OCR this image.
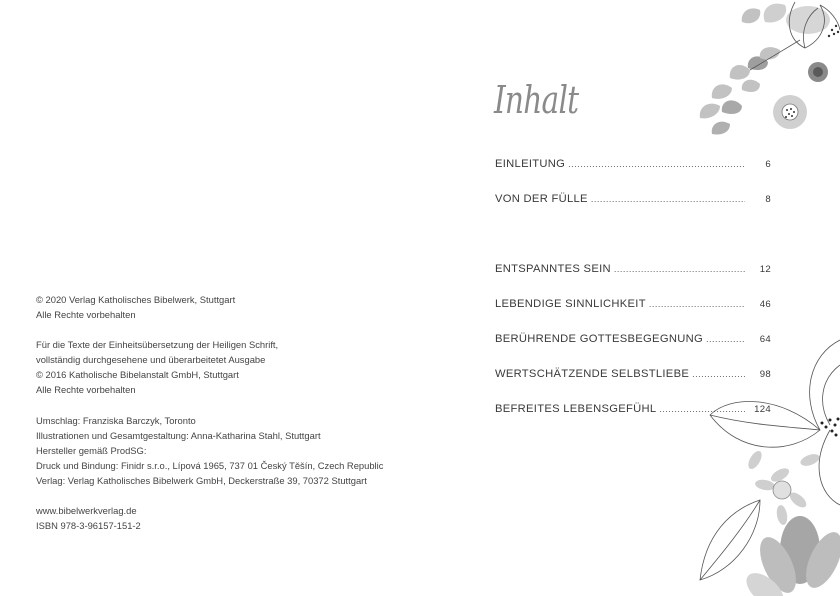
© 2020 Verlag Katholisches Bibelwerk, Stuttgart

Alle Rechte vorbehalten

Für die Texte der Einheitsübersetzung der Heiligen Schrift,

vollständig durchgesehene und überarbeitetet Ausgabe

© 2016 Katholische Bibelanstalt GmbH, Stuttgart

Alle Rechte vorbehalten

Umschlag: Franziska Barczyk, Toronto

Illustrationen und Gesamtgestaltung: Anna-Katharina Stahl, Stuttgart

Hersteller gemäß ProdSG:

Druck und Bindung: Finidr s.r.o., Lípová 1965, 737 01 Český Těšín, Czech Republic

Verlag: Verlag Katholisches Bibelwerk GmbH, Deckerstraße 39, 70372 Stuttgart

www.bibelwerkverlag.de

ISBN 978-3-96157-151-2

Inhalt
EINLEITUNG .....	6
VON DER FÜLLE .....	8
ENTSPANNTES SEIN .....	12
LEBENDIGE SINNLICHKEIT .....	46
BERÜHRENDE GOTTESBEGEGNUNG .....	64
WERTSCHÄTZENDE SELBSTLIEBE .....	98
BEFREITES LEBENSGEFÜHL .....	124
